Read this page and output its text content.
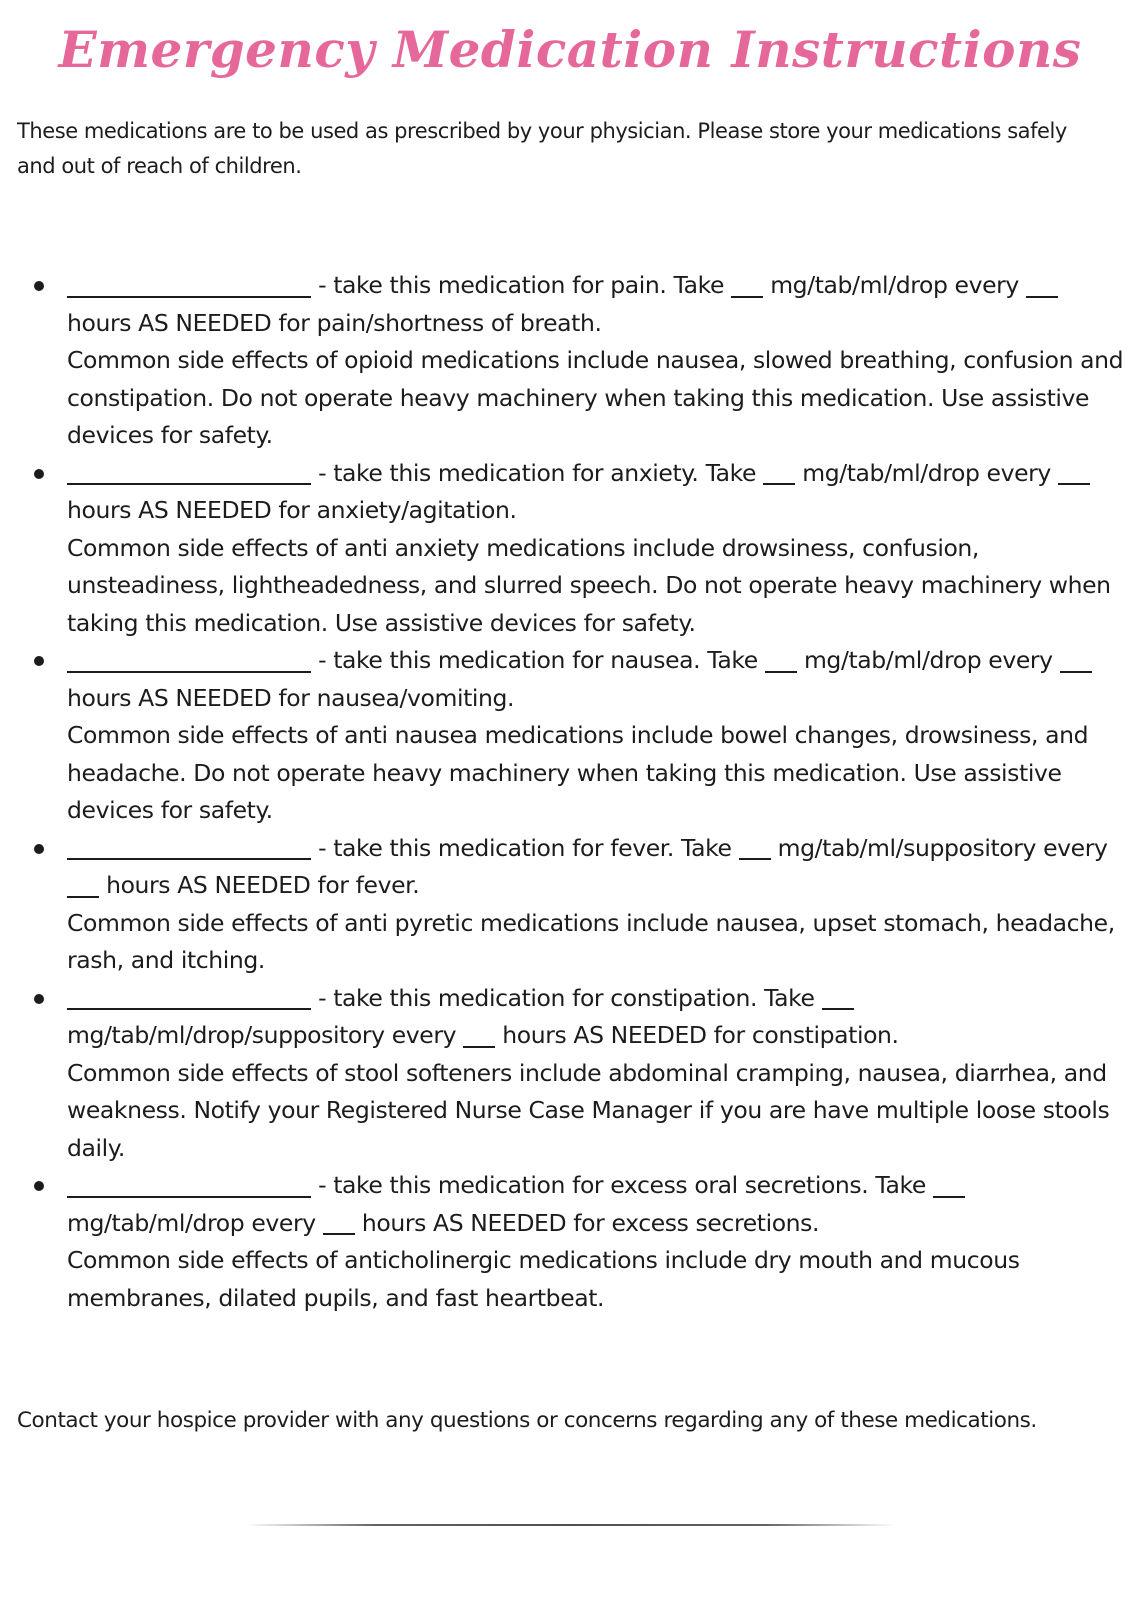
Emergency Medication Instructions

These medications are to be used as prescribed by your physician. Please store your medications safely and out of reach of children.

- take this medication for pain. Take  mg/tab/ml/drop every  hours AS NEEDED for pain/shortness of breath.

Common side effects of opioid medications include nausea, slowed breathing, confusion and constipation. Do not operate heavy machinery when taking this medication. Use assistive devices for safety.

- take this medication for anxiety. Take  mg/tab/ml/drop every  hours AS NEEDED for anxiety/agitation.

Common side effects of anti anxiety medications include drowsiness, confusion, unsteadiness, lightheadedness, and slurred speech. Do not operate heavy machinery when taking this medication. Use assistive devices for safety.

- take this medication for nausea. Take  mg/tab/ml/drop every  hours AS NEEDED for nausea/vomiting.

Common side effects of anti nausea medications include bowel changes, drowsiness, and headache. Do not operate heavy machinery when taking this medication. Use assistive devices for safety.

- take this medication for fever. Take  mg/tab/ml/suppository every  hours AS NEEDED for fever.

Common side effects of anti pyretic medications include nausea, upset stomach, headache, rash, and itching.

- take this medication for constipation. Take  mg/tab/ml/drop/suppository every  hours AS NEEDED for constipation.

Common side effects of stool softeners include abdominal cramping, nausea, diarrhea, and weakness. Notify your Registered Nurse Case Manager if you are have multiple loose stools daily.

- take this medication for excess oral secretions. Take  mg/tab/ml/drop every  hours AS NEEDED for excess secretions.

Common side effects of anticholinergic medications include dry mouth and mucous membranes, dilated pupils, and fast heartbeat.

Contact your hospice provider with any questions or concerns regarding any of these medications.
